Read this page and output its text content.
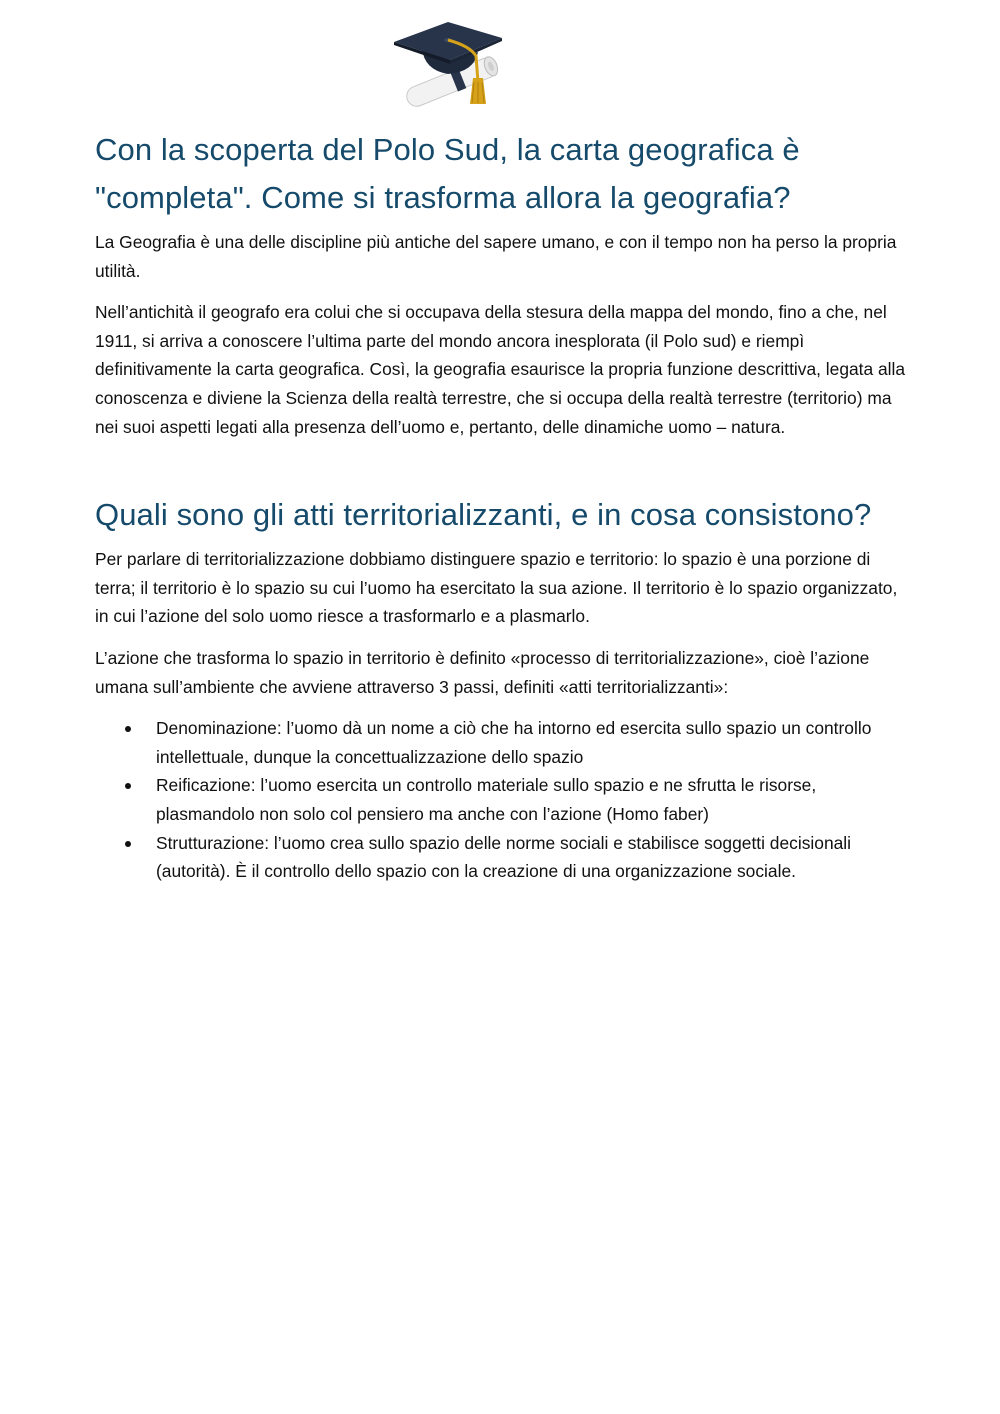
Con la scoperta del Polo Sud, la carta geografica è "completa". Come si trasforma allora la geografia?

La Geografia è una delle discipline più antiche del sapere umano, e con il tempo non ha perso la propria utilità.

Nell’antichità il geografo era colui che si occupava della stesura della mappa del mondo, fino a che, nel 1911, si arriva a conoscere l’ultima parte del mondo ancora inesplorata (il Polo sud) e riempì definitivamente la carta geografica. Così, la geografia esaurisce la propria funzione descrittiva, legata alla conoscenza e diviene la Scienza della realtà terrestre, che si occupa della realtà terrestre (territorio) ma nei suoi aspetti legati alla presenza dell’uomo e, pertanto, delle dinamiche uomo – natura.

Quali sono gli atti territorializzanti, e in cosa consistono?

Per parlare di territorializzazione dobbiamo distinguere spazio e territorio: lo spazio è una porzione di terra; il territorio è lo spazio su cui l’uomo ha esercitato la sua azione. Il territorio è lo spazio organizzato, in cui l’azione del solo uomo riesce a trasformarlo e a plasmarlo.

L’azione che trasforma lo spazio in territorio è definito «processo di territorializzazione», cioè l’azione umana sull’ambiente che avviene attraverso 3 passi, definiti «atti territorializzanti»:

Denominazione: l’uomo dà un nome a ciò che ha intorno ed esercita sullo spazio un controllo intellettuale, dunque la concettualizzazione dello spazio
Reificazione: l’uomo esercita un controllo materiale sullo spazio e ne sfrutta le risorse, plasmandolo non solo col pensiero ma anche con l’azione (Homo faber)
Strutturazione: l’uomo crea sullo spazio delle norme sociali e stabilisce soggetti decisionali (autorità). È il controllo dello spazio con la creazione di una organizzazione sociale.
